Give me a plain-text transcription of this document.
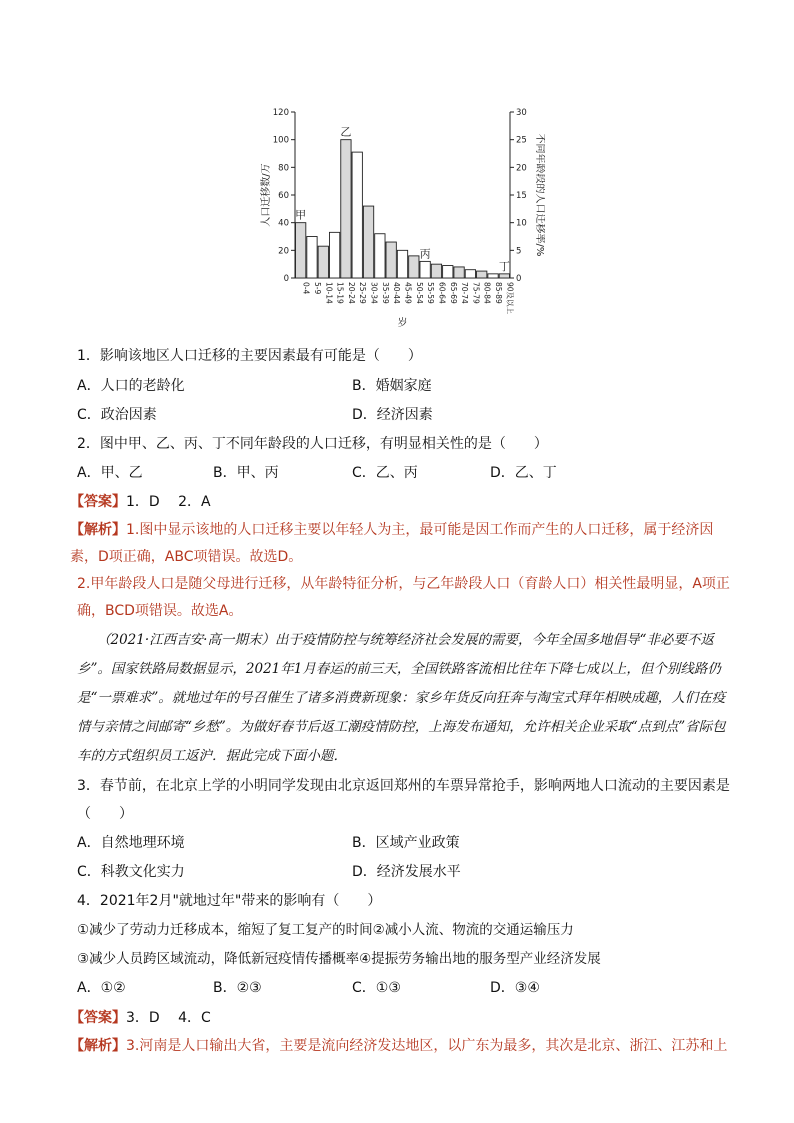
0
20
40
60
80
100
120
0
5
10
15
20
25
30
0-4 5-9 10-14 15-19 20-24 25-29 30-34 35-39 40-44 45-49 50-54 55-59 60-64 65-69 70-74 75-79 80-84 85-89 90及以上
甲
乙
丙
丁
人口迁移数/万	不同年龄段的人口迁移率/%
岁
1．影响该地区人口迁移的主要因素最有可能是（　　）
A．人口的老龄化	B．婚姻家庭
C．政治因素	D．经济因素
2．图中甲、乙、丙、丁不同年龄段的人口迁移，有明显相关性的是（　　）
A．甲、乙	B．甲、丙	C．乙、丙	D．乙、丁
【答案】1．D　 2．A
【解析】1.图中显示该地的人口迁移主要以年轻人为主，最可能是因工作而产生的人口迁移，属于经济因素，D项正确，ABC项错误。故选D。
2.甲年龄段人口是随父母进行迁移，从年龄特征分析，与乙年龄段人口（育龄人口）相关性最明显，A项正确，BCD项错误。故选A。
（2021·江西吉安·高一期末）出于疫情防控与统筹经济社会发展的需要，今年全国多地倡导“非必要不返乡”。国家铁路局数据显示，2021年1月春运的前三天，全国铁路客流相比往年下降七成以上，但个别线路仍是“一票难求”。就地过年的号召催生了诸多消费新现象：家乡年货反向狂奔与淘宝式拜年相映成趣，人们在疫情与亲情之间邮寄“乡愁”。为做好春节后返工潮疫情防控，上海发布通知，允许相关企业采取“点到点”省际包车的方式组织员工返沪．据此完成下面小题．
3．春节前，在北京上学的小明同学发现由北京返回郑州的车票异常抢手，影响两地人口流动的主要因素是
（　　）
A．自然地理环境	B．区域产业政策
C．科教文化实力	D．经济发展水平
4．2021年2月"就地过年"带来的影响有（　　）
①减少了劳动力迁移成本，缩短了复工复产的时间②减小人流、物流的交通运输压力
③减少人员跨区域流动，降低新冠疫情传播概率④提振劳务输出地的服务型产业经济发展
A．①②	B．②③	C．①③	D．③④
【答案】3．D　 4．C
【解析】3.河南是人口输出大省，主要是流向经济发达地区，以广东为最多，其次是北京、浙江、江苏和上
